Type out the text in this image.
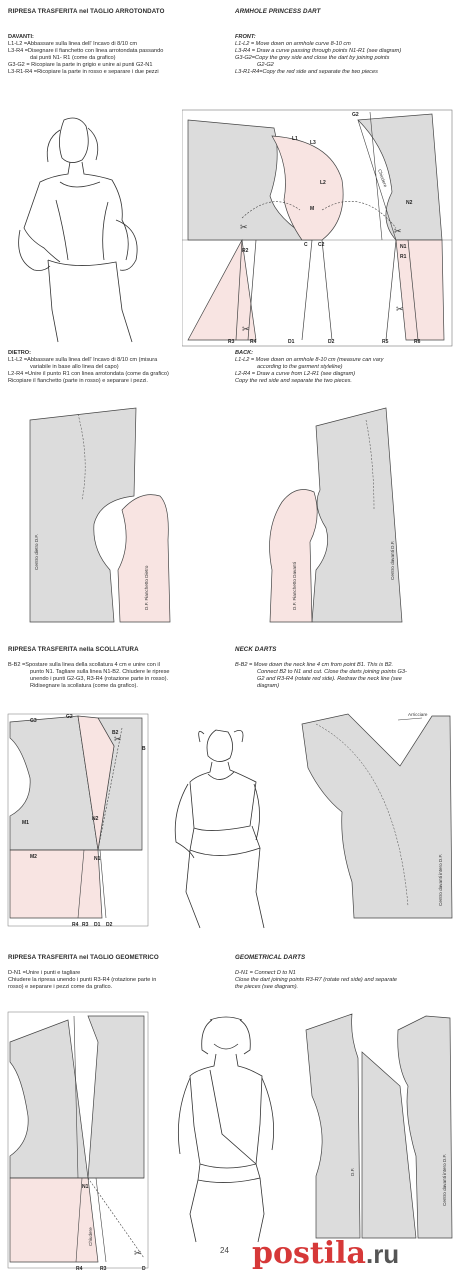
RIPRESA TRASFERITA nel TAGLIO ARROTONDATO	ARMHOLE PRINCESS DART
DAVANTI:
L1-L2 =Abbassare sulla linea dell' Incavo di 8/10 cm
L3-R4 =Disegnare il fianchetto con linea arrotondata passando
dai punti N1- R1 (come da grafico)
G3-G2 = Ricopiare la parte in grigio e unire ai punti G2-N1
L3-R1-R4 =Ricopiare la parte in rosso e separare i due pezzi
FRONT:
L1-L2 = Move down on armhole curve 8-10 cm
L3-R4 = Draw a curve passing through points N1-R1 (see diagram)
G3-G2=Copy the grey side and close the dart by joining points
G2-G2
L3-R1-R4=Copy the red side and separate the two pieces
G2
L1
L3
L2
M
C C2	N1
R1
N2
R2
R4
R3	D1	D2	R5	R6
Chiudere
✂
✂
✂
✂
DIETRO:
L1-L2 =Abbassare sulla linea dell' Incavo di 8/10 cm (misura
variabile in base allo linea del capo)
L2-R4 =Unire il punto R1 con linea arrotondata (come da grafico)
Ricopiare il fianchetto (parte in rosso) e separare i pezzi.
BACK:
L1-L2 = Move down on armhole 8-10 cm (measure can vary
according to the garment styleline)
L2-R4 = Draw a curve from L2-R1 (see diagram)
Copy the red side and separate the two pieces.
Centro dietro D.F.
D.F. Fianchetto Dietro	D.F. Fianchetto Davanti
Centro davanti D.F.
RIPRESA TRASFERITA nella SCOLLATURA	NECK DARTS
B-B2 =Spostare sulla linea della scollatura 4 cm e unire con il
punto N1. Tagliare sulla linea N1-B2. Chiudere le riprese
unendo i punti G2-G3, R3-R4 (rotazione parte in rosso).
Ridisegnare la scollatura (come da grafico).
B-B2 = Move down the neck line 4 cm from point B1. This is B2.
Connect B2 to N1 and cut. Close the darts joining points G3-
G2 and R3-R4 (rotate red side). Redraw the neck line (see
diagram)
G3
G2
B
B2
M1
M2
N2
N1
R4 R3 D1 D2
✂
Arricciare
Centro davanti intero D.F.
RIPRESA TRASFERITA nel TAGLIO GEOMETRICO	GEOMETRICAL DARTS
D-N1 =Unire i punti e tagliare
Chiudere la ripresa unendo i punti R3-R4 (rotazione parte in
rosso) e separare i pezzi come da grafico.
D-N1 = Connect D to N1
Close the dart joining points R3-R7 (rotate red side) and separate
the pieces (see diagram).
N1
R4	R3	D
Chiudere
✂
D.F.	Centro davanti intero D.F.
24 postila.ru
